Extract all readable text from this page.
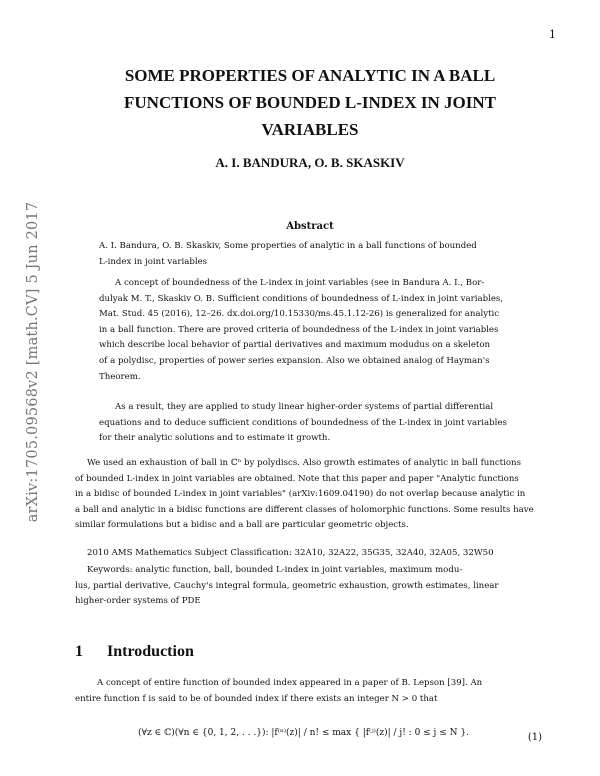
1
arXiv:1705.09568v2 [math.CV] 5 Jun 2017
SOME PROPERTIES OF ANALYTIC IN A BALL
FUNCTIONS OF BOUNDED L-INDEX IN JOINT
VARIABLES
A. I. BANDURA, O. B. SKASKIV
Abstract
A. I. Bandura, O. B. Skaskiv, Some properties of analytic in a ball functions of bounded
L-index in joint variables
A concept of boundedness of the L-index in joint variables (see in Bandura A. I., Bor-
dulyak M. T., Skaskiv O. B. Sufficient conditions of boundedness of L-index in joint variables,
Mat. Stud. 45 (2016), 12–26. dx.doi.org/10.15330/ms.45.1.12-26) is generalized for analytic
in a ball function. There are proved criteria of boundedness of the L-index in joint variables
which describe local behavior of partial derivatives and maximum modudus on a skeleton
of a polydisc, properties of power series expansion. Also we obtained analog of Hayman's
Theorem.
As a result, they are applied to study linear higher-order systems of partial differential
equations and to deduce sufficient conditions of boundedness of the L-index in joint variables
for their analytic solutions and to estimate it growth.
We used an exhaustion of ball in ℂⁿ by polydiscs. Also growth estimates of analytic in ball functions
of bounded L-index in joint variables are obtained. Note that this paper and paper "Analytic functions
in a bidisc of bounded L-index in joint variables" (arXiv:1609.04190) do not overlap because analytic in
a ball and analytic in a bidisc functions are different classes of holomorphic functions. Some results have
similar formulations but a bidisc and a ball are particular geometric objects.
2010 AMS Mathematics Subject Classification: 32A10, 32A22, 35G35, 32A40, 32A05, 32W50
Keywords: analytic function, ball, bounded L-index in joint variables, maximum modu-
lus, partial derivative, Cauchy's integral formula, geometric exhaustion, growth estimates, linear
higher-order systems of PDE
1 Introduction
A concept of entire function of bounded index appeared in a paper of B. Lepson [39]. An
entire function f is said to be of bounded index if there exists an integer N > 0 that
(∀z ∈ ℂ)(∀n ∈ {0, 1, 2, . . .}): |f⁽ⁿ⁾(z)| / n! ≤ max { |f⁽ʲ⁾(z)| / j! : 0 ≤ j ≤ N }.	(1)
